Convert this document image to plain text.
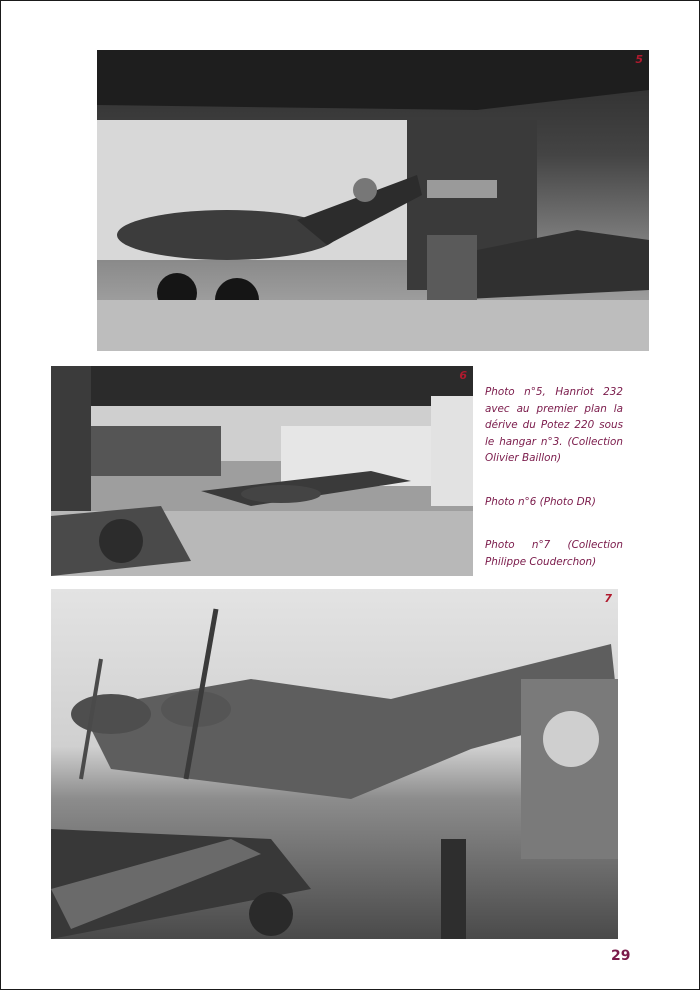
5
6

Photo n°5, Hanriot 232 avec au premier plan la dérive du Potez 220 sous le hangar n°3. (Collection Olivier Baillon)

Photo n°6 (Photo DR)

Photo n°7 (Collection Philippe Couderchon)

7
29
